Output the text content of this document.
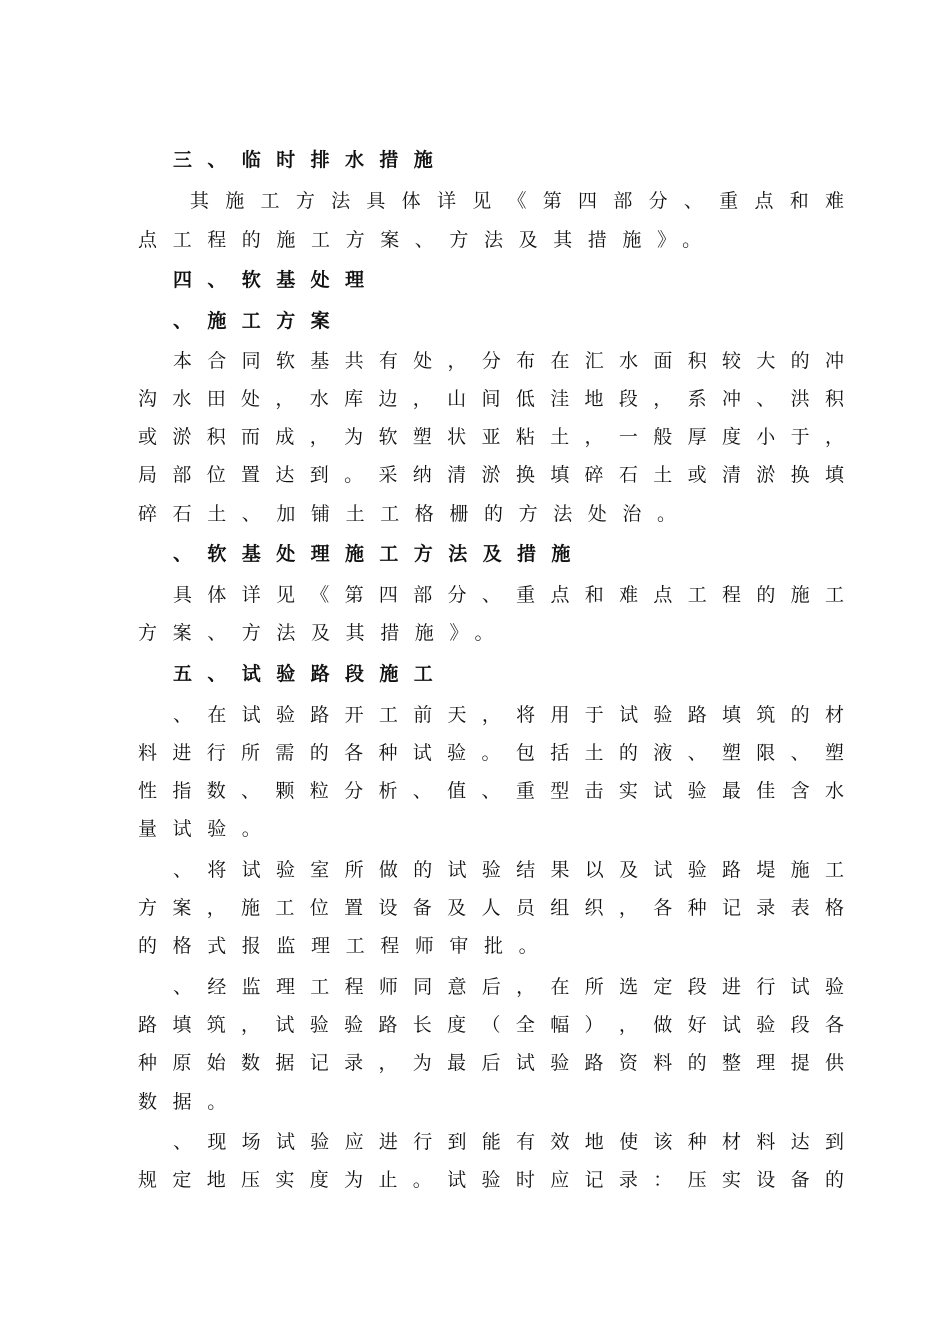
三、临时排水措施
其 施 工 方 法 具 体 详 见 《 第 四 部 分 、 重 点 和 难
点工程的施工方案、方法及其措施》。
四、软基处理
、施工方案
本 合 同 软 基 共 有 处 ， 分 布 在 汇 水 面 积 较 大 的 冲
沟 水 田 处 ， 水 库 边 ， 山 间 低 洼 地 段 ， 系 冲 、 洪 积
或 淤 积 而 成 ， 为 软 塑 状 亚 粘 土 ， 一 般 厚 度 小 于 ，
局 部 位 置 达 到 。 采 纳 清 淤 换 填 碎 石 土 或 清 淤 换 填
碎石土、加铺土工格栅的方法处治。
、软基处理施工方法及措施
具 体 详 见 《 第 四 部 分 、 重 点 和 难 点 工 程 的 施 工
方案、方法及其措施》。
五、试验路段施工
、 在 试 验 路 开 工 前 天 ， 将 用 于 试 验 路 填 筑 的 材
料 进 行 所 需 的 各 种 试 验 。 包 括 土 的 液 、 塑 限 、 塑
性 指 数 、 颗 粒 分 析 、 值 、 重 型 击 实 试 验 最 佳 含 水
量试验。
、 将 试 验 室 所 做 的 试 验 结 果 以 及 试 验 路 堤 施 工
方 案 ， 施 工 位 置 设 备 及 人 员 组 织 ， 各 种 记 录 表 格
的格式报监理工程师审批。
、 经 监 理 工 程 师 同 意 后 ， 在 所 选 定 段 进 行 试 验
路 填 筑 ， 试 验 验 路 长 度 （ 全 幅 ） ， 做 好 试 验 段 各
种 原 始 数 据 记 录 ， 为 最 后 试 验 路 资 料 的 整 理 提 供
数据。
、 现 场 试 验 应 进 行 到 能 有 效 地 使 该 种 材 料 达 到
规 定 地 压 实 度 为 止 。 试 验 时 应 记 录 ： 压 实 设 备 的
